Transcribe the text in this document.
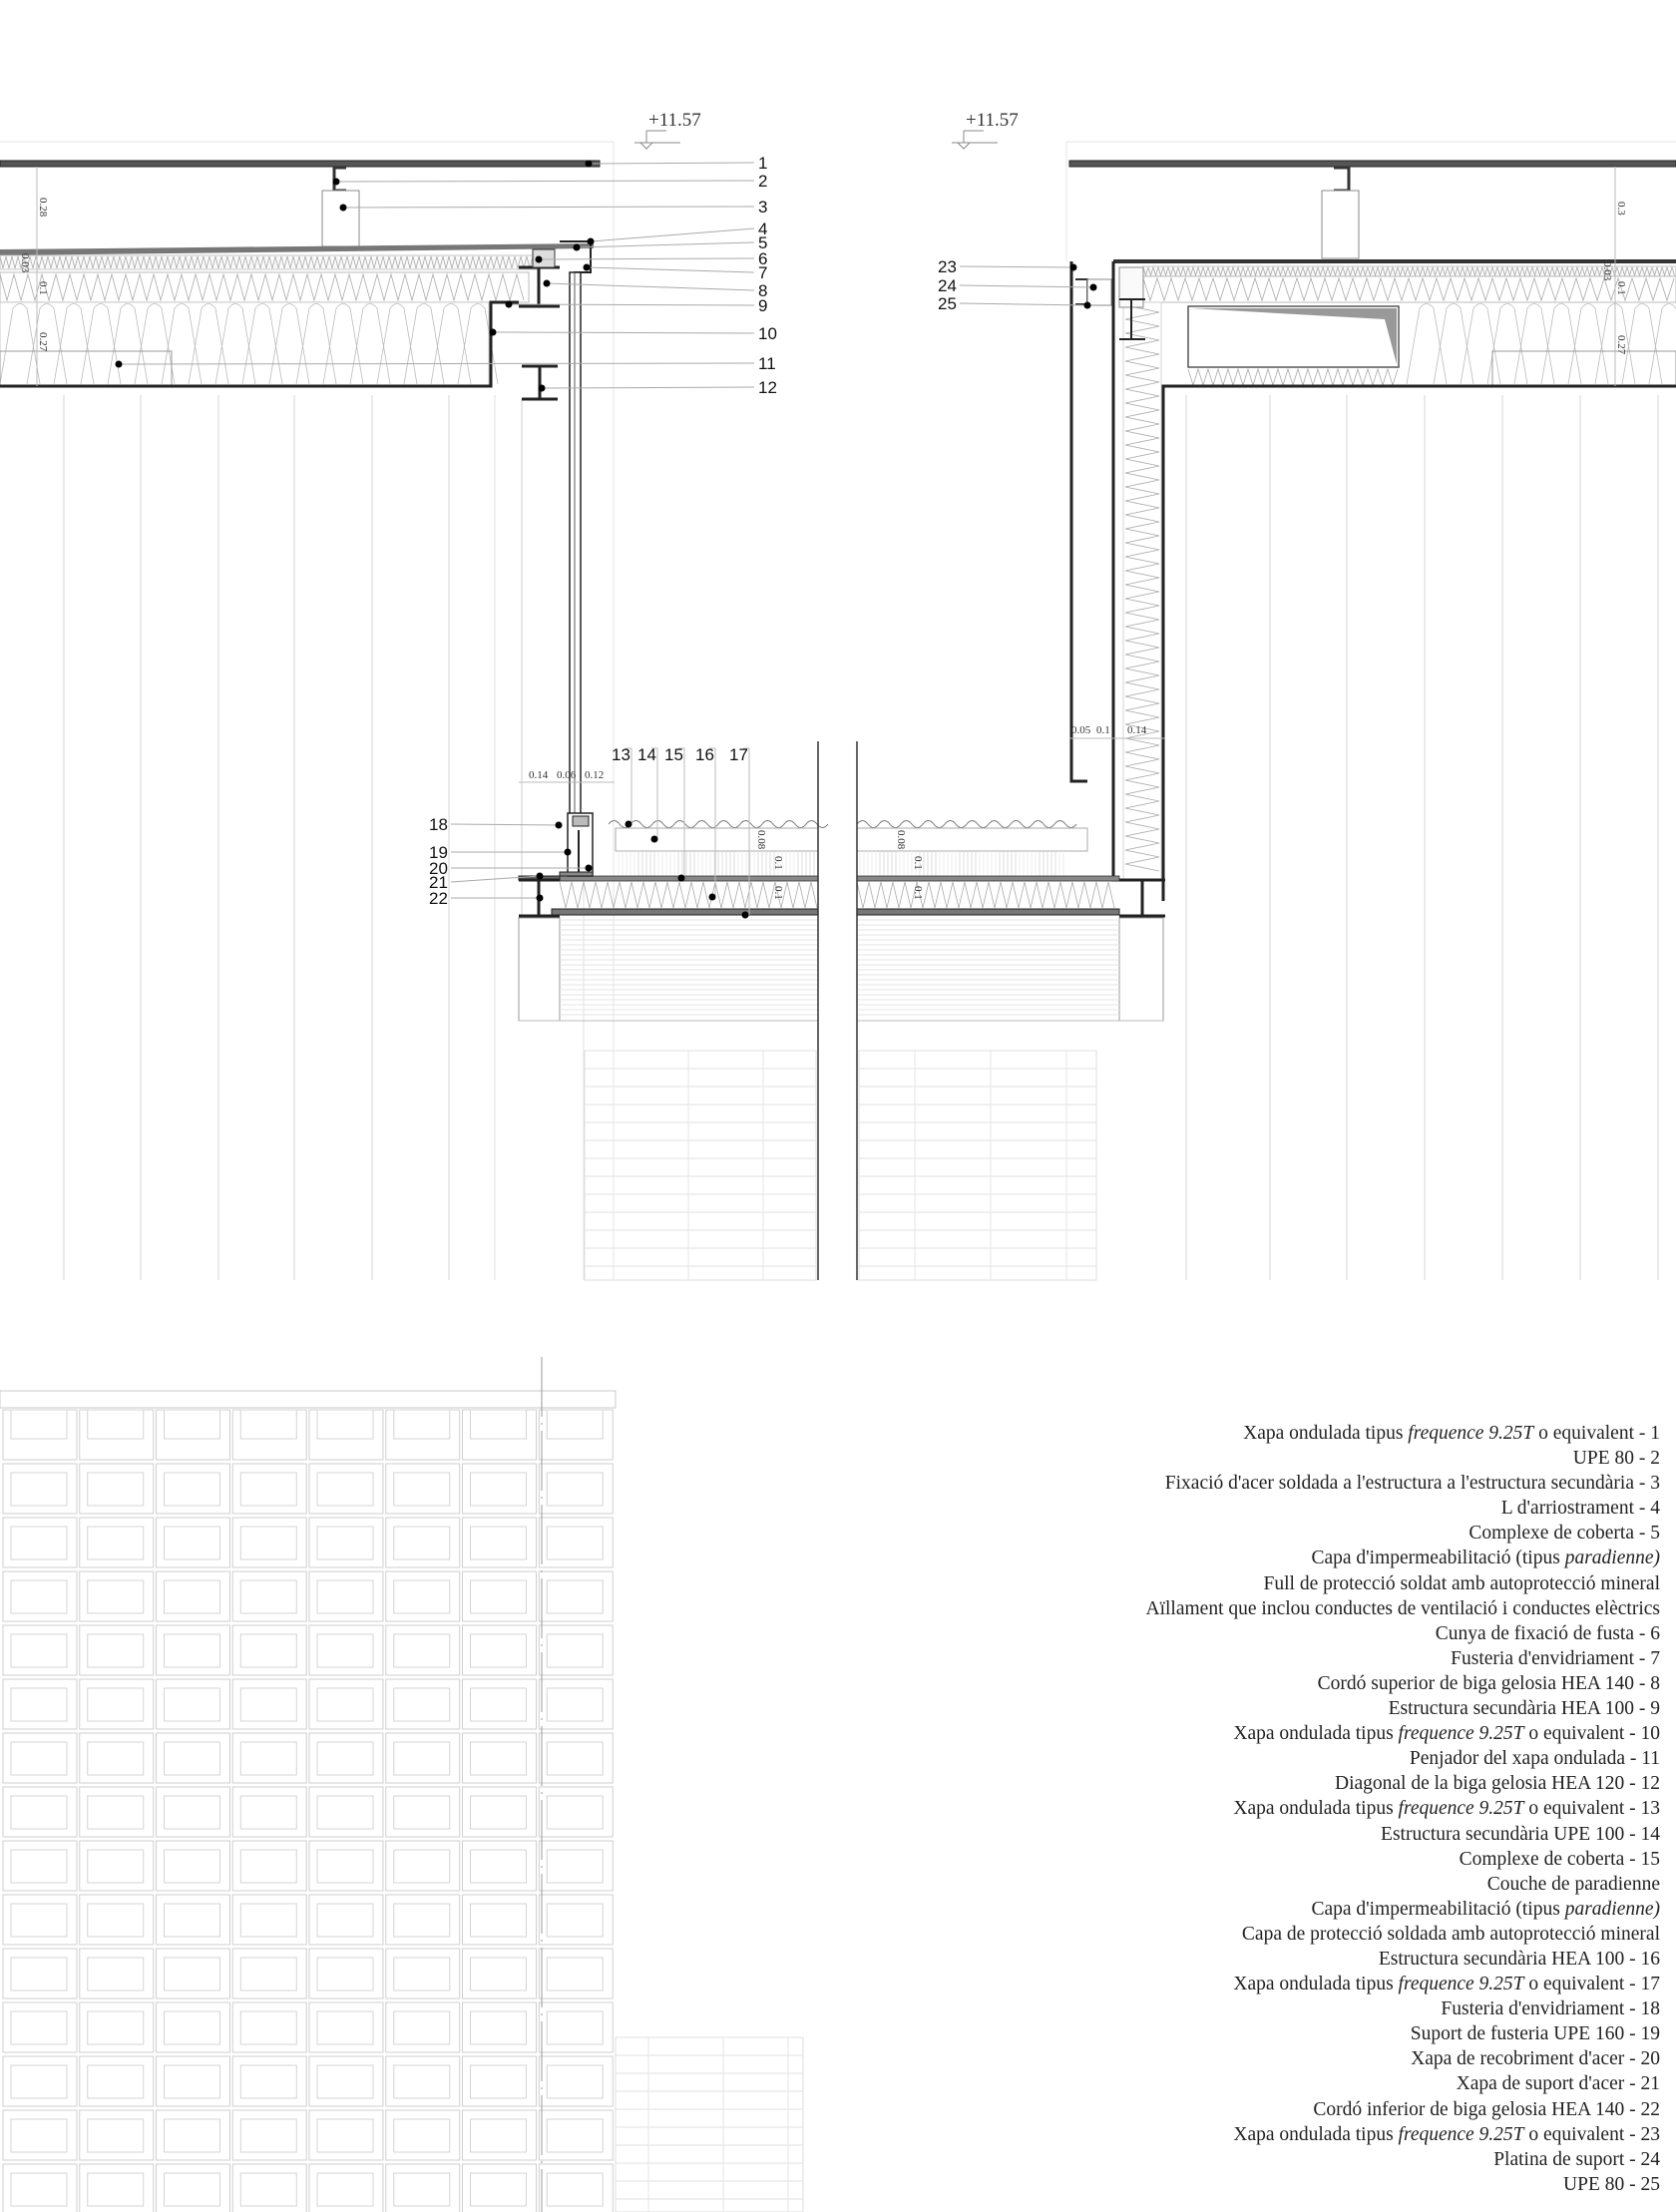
+11.57	+11.57
1
2
3
4
5
6
7
8
9
10
11
12
13 14 15 16 17
18
19
20
21
22
23
24
25
0.28
0.03
0.1
0.27
0.3
0.03
0.1
0.27
0.14 0.06 0.12
0.05 0.1 0.14
0.08
0.1
0.1
0.08
0.1
0.1
Xapa ondulada tipus frequence 9.25T o equivalent - 1
UPE 80 - 2
Fixació d'acer soldada a l'estructura a l'estructura secundària - 3
L d'arriostrament - 4
Complexe de coberta - 5
Capa d'impermeabilitació (tipus paradienne)
Full de protecció soldat amb autoprotecció mineral
Aïllament que inclou conductes de ventilació i conductes elèctrics
Cunya de fixació de fusta - 6
Fusteria d'envidriament - 7
Cordó superior de biga gelosia HEA 140 - 8
Estructura secundària HEA 100 - 9
Xapa ondulada tipus frequence 9.25T o equivalent - 10
Penjador del xapa ondulada - 11
Diagonal de la biga gelosia HEA 120 - 12
Xapa ondulada tipus frequence 9.25T o equivalent - 13
Estructura secundària UPE 100 - 14
Complexe de coberta - 15
Couche de paradienne
Capa d'impermeabilitació (tipus paradienne)
Capa de protecció soldada amb autoprotecció mineral
Estructura secundària HEA 100 - 16
Xapa ondulada tipus frequence 9.25T o equivalent - 17
Fusteria d'envidriament - 18
Suport de fusteria UPE 160 - 19
Xapa de recobriment d'acer - 20
Xapa de suport d'acer - 21
Cordó inferior de biga gelosia HEA 140 - 22
Xapa ondulada tipus frequence 9.25T o equivalent - 23
Platina de suport - 24
UPE 80 - 25
